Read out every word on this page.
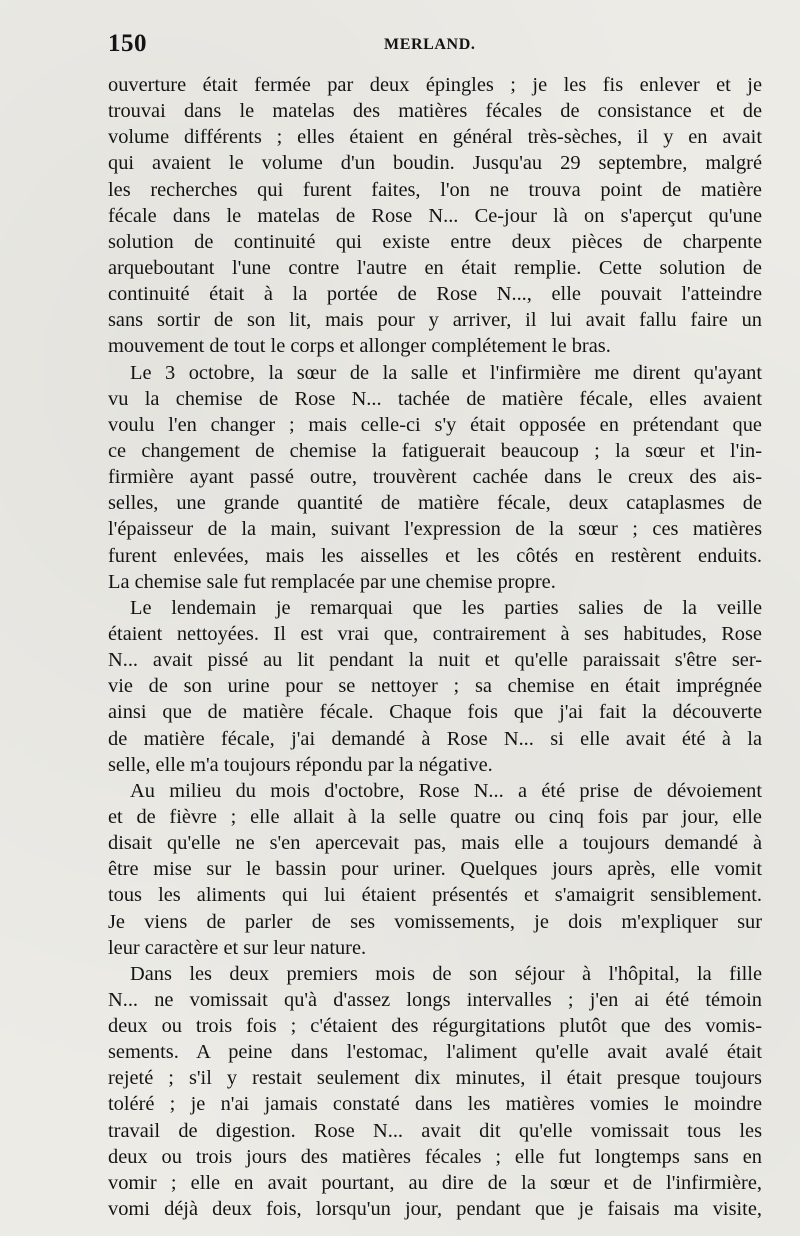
150	MERLAND.
ouverture était fermée par deux épingles ; je les fis enlever et je
trouvai dans le matelas des matières fécales de consistance et de
volume différents ; elles étaient en général très-sèches, il y en avait
qui avaient le volume d'un boudin. Jusqu'au 29 septembre, malgré
les recherches qui furent faites, l'on ne trouva point de matière
fécale dans le matelas de Rose N... Ce-jour là on s'aperçut qu'une
solution de continuité qui existe entre deux pièces de charpente
arqueboutant l'une contre l'autre en était remplie. Cette solution de
continuité était à la portée de Rose N..., elle pouvait l'atteindre
sans sortir de son lit, mais pour y arriver, il lui avait fallu faire un
mouvement de tout le corps et allonger complétement le bras.
Le 3 octobre, la sœur de la salle et l'infirmière me dirent qu'ayant
vu la chemise de Rose N... tachée de matière fécale, elles avaient
voulu l'en changer ; mais celle-ci s'y était opposée en prétendant que
ce changement de chemise la fatiguerait beaucoup ; la sœur et l'in-
firmière ayant passé outre, trouvèrent cachée dans le creux des ais-
selles, une grande quantité de matière fécale, deux cataplasmes de
l'épaisseur de la main, suivant l'expression de la sœur ; ces matières
furent enlevées, mais les aisselles et les côtés en restèrent enduits.
La chemise sale fut remplacée par une chemise propre.
Le lendemain je remarquai que les parties salies de la veille
étaient nettoyées. Il est vrai que, contrairement à ses habitudes, Rose
N... avait pissé au lit pendant la nuit et qu'elle paraissait s'être ser-
vie de son urine pour se nettoyer ; sa chemise en était imprégnée
ainsi que de matière fécale. Chaque fois que j'ai fait la découverte
de matière fécale, j'ai demandé à Rose N... si elle avait été à la
selle, elle m'a toujours répondu par la négative.
Au milieu du mois d'octobre, Rose N... a été prise de dévoiement
et de fièvre ; elle allait à la selle quatre ou cinq fois par jour, elle
disait qu'elle ne s'en apercevait pas, mais elle a toujours demandé à
être mise sur le bassin pour uriner. Quelques jours après, elle vomit
tous les aliments qui lui étaient présentés et s'amaigrit sensiblement.
Je viens de parler de ses vomissements, je dois m'expliquer sur
leur caractère et sur leur nature.
Dans les deux premiers mois de son séjour à l'hôpital, la fille
N... ne vomissait qu'à d'assez longs intervalles ; j'en ai été témoin
deux ou trois fois ; c'étaient des régurgitations plutôt que des vomis-
sements. A peine dans l'estomac, l'aliment qu'elle avait avalé était
rejeté ; s'il y restait seulement dix minutes, il était presque toujours
toléré ; je n'ai jamais constaté dans les matières vomies le moindre
travail de digestion. Rose N... avait dit qu'elle vomissait tous les
deux ou trois jours des matières fécales ; elle fut longtemps sans en
vomir ; elle en avait pourtant, au dire de la sœur et de l'infirmière,
vomi déjà deux fois, lorsqu'un jour, pendant que je faisais ma visite,
